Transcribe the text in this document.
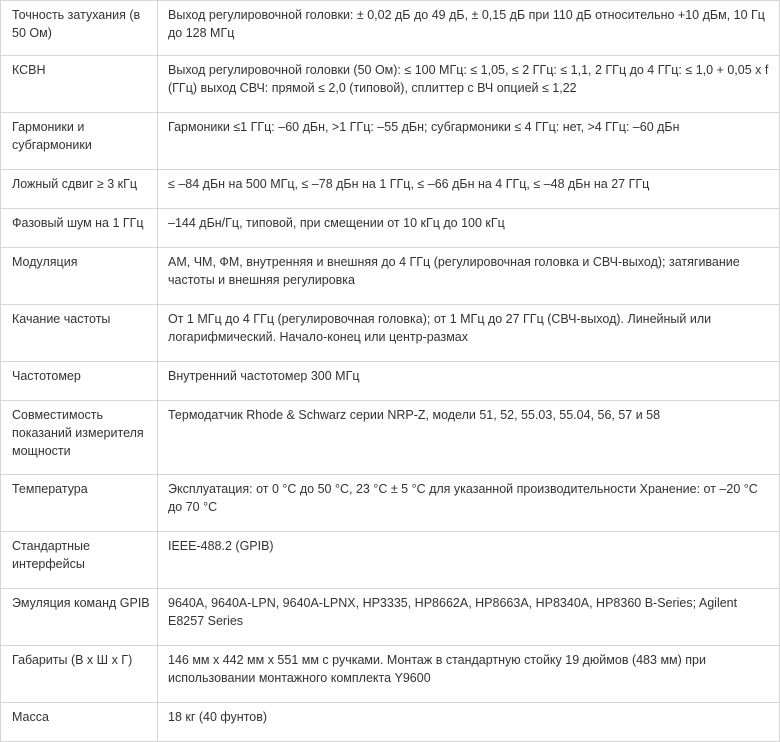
Точность затухания (в 50 Ом)	Выход регулировочной головки: ± 0,02 дБ до 49 дБ, ± 0,15 дБ при 110 дБ относительно +10 дБм, 10 Гц до 128 МГц
КСВН	Выход регулировочной головки (50 Ом): ≤ 100 МГц: ≤ 1,05, ≤ 2 ГГц: ≤ 1,1, 2 ГГц до 4 ГГц: ≤ 1,0 + 0,05 x f (ГГц) выход СВЧ: прямой ≤ 2,0 (типовой), сплиттер с ВЧ опцией ≤ 1,22
Гармоники и субгармоники	Гармоники ≤1 ГГц: –60 дБн, >1 ГГц: –55 дБн; субгармоники ≤ 4 ГГц: нет, >4 ГГц: –60 дБн
Ложный сдвиг ≥ 3 кГц	≤ –84 дБн на 500 МГц, ≤ –78 дБн на 1 ГГц, ≤ –66 дБн на 4 ГГц, ≤ –48 дБн на 27 ГГц
Фазовый шум на 1 ГГц	–144 дБн/Гц, типовой, при смещении от 10 кГц до 100 кГц
Модуляция	АМ, ЧМ, ФМ, внутренняя и внешняя до 4 ГГц (регулировочная головка и СВЧ-выход); затягивание частоты и внешняя регулировка
Качание частоты	От 1 МГц до 4 ГГц (регулировочная головка); от 1 МГц до 27 ГГц (СВЧ-выход). Линейный или логарифмический. Начало-конец или центр-размах
Частотомер	Внутренний частотомер 300 МГц
Совместимость показаний измерителя мощности	Термодатчик Rhode & Schwarz серии NRP-Z, модели 51, 52, 55.03, 55.04, 56, 57 и 58
Температура	Эксплуатация: от 0 °C до 50 °C, 23 °C ± 5 °C для указанной производительности Хранение: от –20 °C до 70 °C
Стандартные интерфейсы	IEEE-488.2 (GPIB)
Эмуляция команд GPIB	9640A, 9640A-LPN, 9640A-LPNX, HP3335, HP8662A, HP8663A, HP8340A, HP8360 B-Series; Agilent E8257 Series
Габариты (В х Ш х Г)	146 мм x 442 мм x 551 мм с ручками. Монтаж в стандартную стойку 19 дюймов (483 мм) при использовании монтажного комплекта Y9600
Масса	18 кг (40 фунтов)
